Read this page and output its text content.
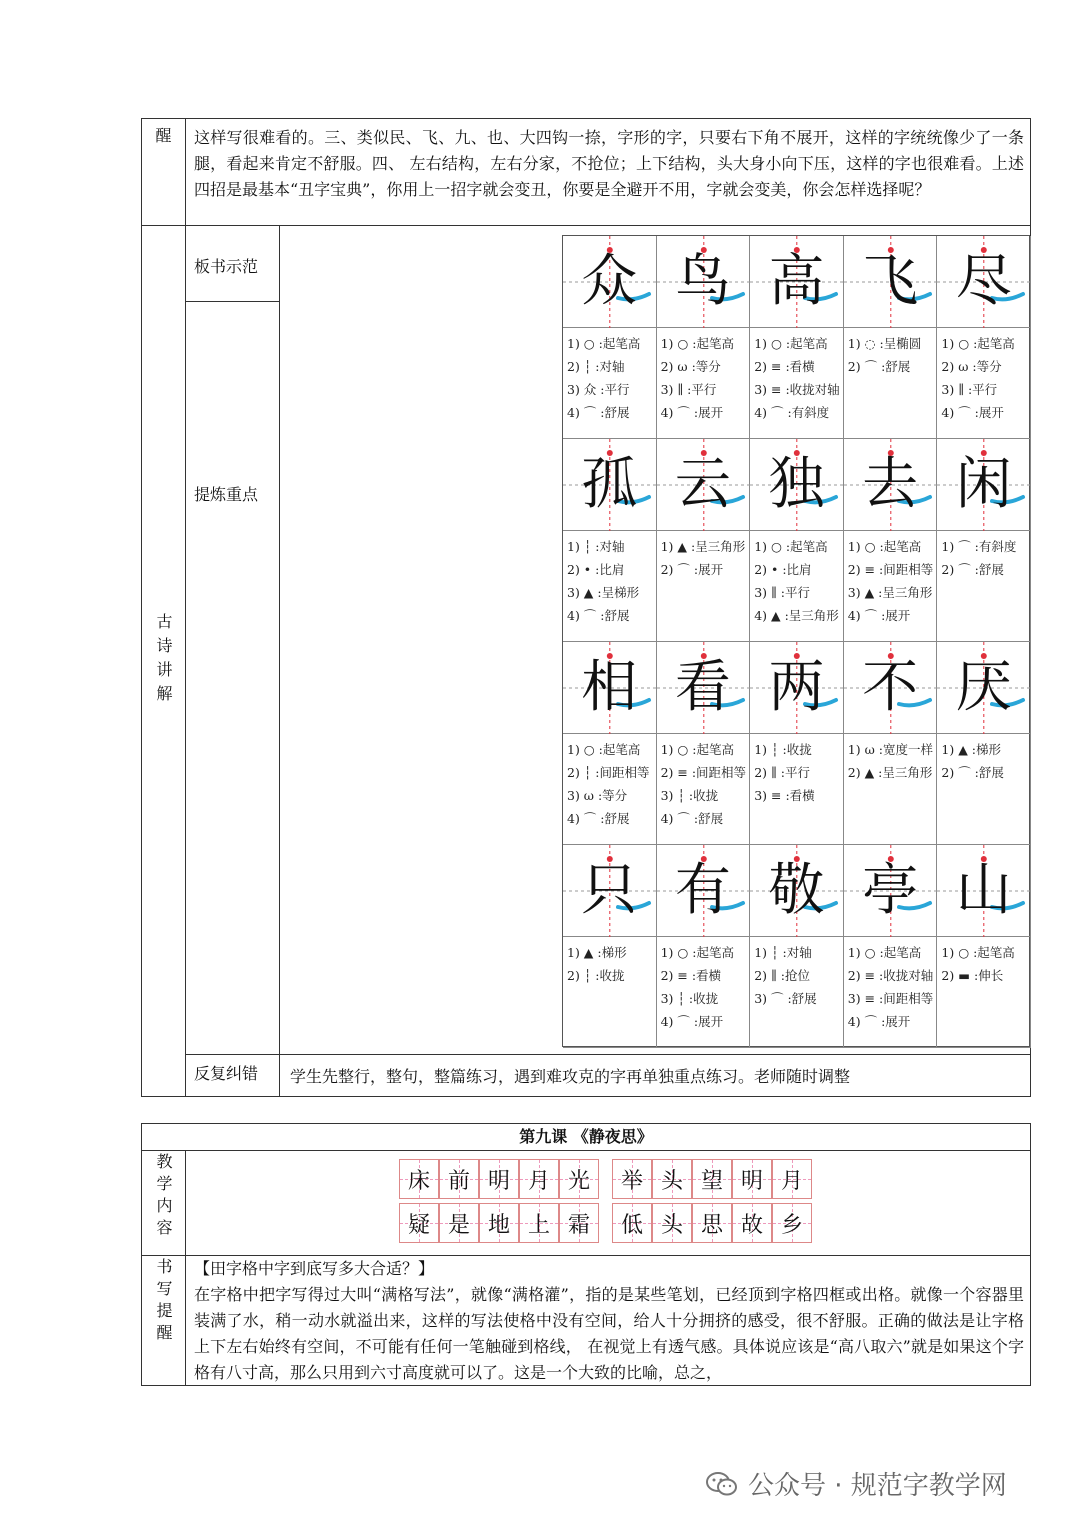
醒	这样写很难看的。三、类似民、飞、九、也、大四钩一捺，字形的字，只要右下角不展开，这样的字统统像少了一条腿，看起来肯定不舒服。四、 左右结构，左右分家，不抢位；上下结构，头大身小向下压，这样的字也很难看。上述四招是最基本“丑字宝典”，你用上一招字就会变丑，你要是全避开不用，字就会变美，你会怎样选择呢？
古诗讲解
板书示范
提炼重点
反复纠错
众
1) ○ :起笔高
2) ┆ :对轴
3) 众 :平行
4) ⌒ :舒展
鸟
1) ○ :起笔高
2) ω :等分
3) ∥ :平行
4) ⌒ :展开
高
1) ○ :起笔高
2) ≡ :看横
3) ≡ :收拢对轴
4) ⌒ :有斜度
飞
1) ◌ :呈椭圆
2) ⌒ :舒展
尽
1) ○ :起笔高
2) ω :等分
3) ∥ :平行
4) ⌒ :展开
孤
1) ┆ :对轴
2) • :比肩
3) ▲ :呈梯形
4) ⌒ :舒展
云
1) ▲ :呈三角形
2) ⌒ :展开
独
1) ○ :起笔高
2) • :比肩
3) ∥ :平行
4) ▲ :呈三角形
去
1) ○ :起笔高
2) ≡ :间距相等
3) ▲ :呈三角形
4) ⌒ :展开
闲
1) ⌒ :有斜度
2) ⌒ :舒展
相
1) ○ :起笔高
2) ┆ :间距相等
3) ω :等分
4) ⌒ :舒展
看
1) ○ :起笔高
2) ≡ :间距相等
3) ┆ :收拢
4) ⌒ :舒展
两
1) ┆ :收拢
2) ∥ :平行
3) ≡ :看横
不
1) ω :宽度一样
2) ▲ :呈三角形
厌
1) ▲ :梯形
2) ⌒ :舒展
只
1) ▲ :梯形
2) ┆ :收拢
有
1) ○ :起笔高
2) ≡ :看横
3) ┆ :收拢
4) ⌒ :展开
敬
1) ┆ :对轴
2) ∥ :抢位
3) ⌒ :舒展
亭
1) ○ :起笔高
2) ≡ :收拢对轴
3) ≡ :间距相等
4) ⌒ :展开
山
1) ○ :起笔高
2) ▬ :伸长
学生先整行，整句，整篇练习，遇到难攻克的字再单独重点练习。老师随时调整
第九课 《静夜思》
教学内容	床 前 明 月 光
疑 是 地 上 霜
举 头 望 明 月
低 头 思 故 乡
书写提醒 【田字格中字到底写多大合适？】
在字格中把字写得过大叫“满格写法”，就像“满格灌”，指的是某些笔划，已经顶到字格四框或出格。就像一个容器里装满了水，稍一动水就溢出来，这样的写法使格中没有空间，给人十分拥挤的感受，很不舒服。正确的做法是让字格上下左右始终有空间，不可能有任何一笔触碰到格线， 在视觉上有透气感。具体说应该是“高八取六”就是如果这个字格有八寸高，那么只用到六寸高度就可以了。这是一个大致的比喻，总之，
公众号 · 规范字教学网
